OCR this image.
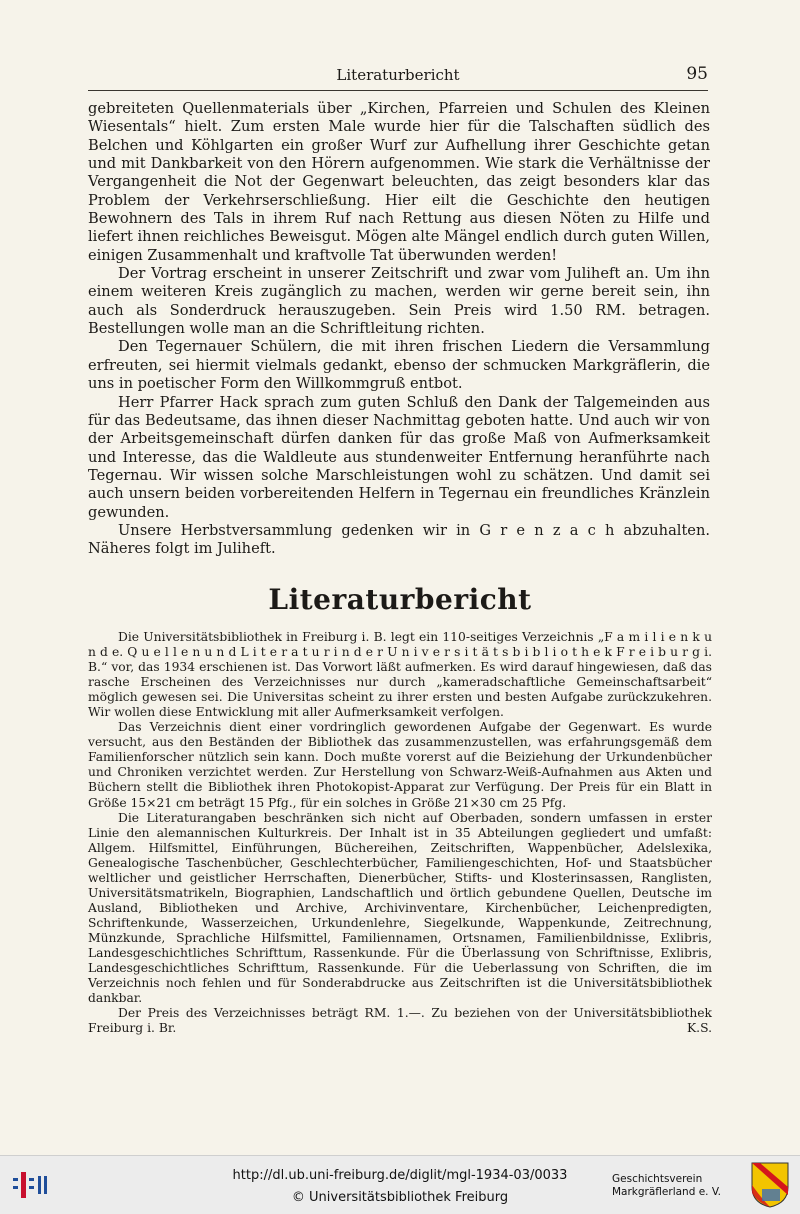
Literaturbericht	95

gebreiteten Quellenmaterials über „Kirchen, Pfarreien und Schulen des Kleinen Wiesentals“ hielt. Zum ersten Male wurde hier für die Talschaften südlich des Belchen und Köhlgarten ein großer Wurf zur Aufhellung ihrer Geschichte getan und mit Dankbarkeit von den Hörern aufgenommen. Wie stark die Verhältnisse der Vergangenheit die Not der Gegenwart beleuchten, das zeigt besonders klar das Problem der Verkehrserschließung. Hier eilt die Geschichte den heutigen Bewohnern des Tals in ihrem Ruf nach Rettung aus diesen Nöten zu Hilfe und liefert ihnen reichliches Beweisgut. Mögen alte Mängel endlich durch guten Willen, einigen Zusammenhalt und kraftvolle Tat überwunden werden!

Der Vortrag erscheint in unserer Zeitschrift und zwar vom Juliheft an. Um ihn einem weiteren Kreis zugänglich zu machen, werden wir gerne bereit sein, ihn auch als Sonderdruck herauszugeben. Sein Preis wird 1.50 RM. betragen. Bestellungen wolle man an die Schriftleitung richten.

Den Tegernauer Schülern, die mit ihren frischen Liedern die Versammlung erfreuten, sei hiermit vielmals gedankt, ebenso der schmucken Markgräflerin, die uns in poetischer Form den Willkommgruß entbot.

Herr Pfarrer Hack sprach zum guten Schluß den Dank der Talgemeinden aus für das Bedeutsame, das ihnen dieser Nachmittag geboten hatte. Und auch wir von der Arbeitsgemeinschaft dürfen danken für das große Maß von Aufmerksamkeit und Interesse, das die Waldleute aus stundenweiter Entfernung heranführte nach Tegernau. Wir wissen solche Marschleistungen wohl zu schätzen. Und damit sei auch unsern beiden vorbereitenden Helfern in Tegernau ein freundliches Kränzlein gewunden.

Unsere Herbstversammlung gedenken wir in G r e n z a c h abzuhalten. Näheres folgt im Juliheft.

Literaturbericht

Die Universitätsbibliothek in Freiburg i. B. legt ein 110-seitiges Verzeichnis „F a m i l i e n k u n d e. Q u e l l e n u n d L i t e r a t u r i n d e r U n i v e r s i t ä t s b i b l i o t h e k F r e i b u r g i. B.“ vor, das 1934 erschienen ist. Das Vorwort läßt aufmerken. Es wird darauf hingewiesen, daß das rasche Erscheinen des Verzeichnisses nur durch „kameradschaftliche Gemeinschaftsarbeit“ möglich gewesen sei. Die Universitas scheint zu ihrer ersten und besten Aufgabe zurückzukehren. Wir wollen diese Entwicklung mit aller Aufmerksamkeit verfolgen.

Das Verzeichnis dient einer vordringlich gewordenen Aufgabe der Gegenwart. Es wurde versucht, aus den Beständen der Bibliothek das zusammenzustellen, was erfahrungsgemäß dem Familienforscher nützlich sein kann. Doch mußte vorerst auf die Beiziehung der Urkundenbücher und Chroniken verzichtet werden. Zur Herstellung von Schwarz-Weiß-Aufnahmen aus Akten und Büchern stellt die Bibliothek ihren Photokopist-Apparat zur Verfügung. Der Preis für ein Blatt in Größe 15×21 cm beträgt 15 Pfg., für ein solches in Größe 21×30 cm 25 Pfg.

Die Literaturangaben beschränken sich nicht auf Oberbaden, sondern umfassen in erster Linie den alemannischen Kulturkreis. Der Inhalt ist in 35 Abteilungen gegliedert und umfaßt: Allgem. Hilfsmittel, Einführungen, Büchereihen, Zeitschriften, Wappenbücher, Adelslexika, Genealogische Taschenbücher, Geschlechterbücher, Familiengeschichten, Hof- und Staatsbücher weltlicher und geistlicher Herrschaften, Dienerbücher, Stifts- und Klosterinsassen, Ranglisten, Universitätsmatrikeln, Biographien, Landschaftlich und örtlich gebundene Quellen, Deutsche im Ausland, Bibliotheken und Archive, Archivinventare, Kirchenbücher, Leichenpredigten, Schriftenkunde, Wasserzeichen, Urkundenlehre, Siegelkunde, Wappenkunde, Zeitrechnung, Münzkunde, Sprachliche Hilfsmittel, Familiennamen, Ortsnamen, Familienbildnisse, Exlibris, Landesgeschichtliches Schrifttum, Rassenkunde. Für die Überlassung von Schriftnisse, Exlibris, Landesgeschichtliches Schrifttum, Rassenkunde. Für die Ueberlassung von Schriften, die im Verzeichnis noch fehlen und für Sonderabdrucke aus Zeitschriften ist die Universitätsbibliothek dankbar.

Der Preis des Verzeichnisses beträgt RM. 1.—. Zu beziehen von der Universitätsbibliothek Freiburg i. Br.	K.S.

http://dl.ub.uni-freiburg.de/diglit/mgl-1934-03/0033
© Universitätsbibliothek Freiburg
Geschichtsverein
Markgräflerland e. V.
